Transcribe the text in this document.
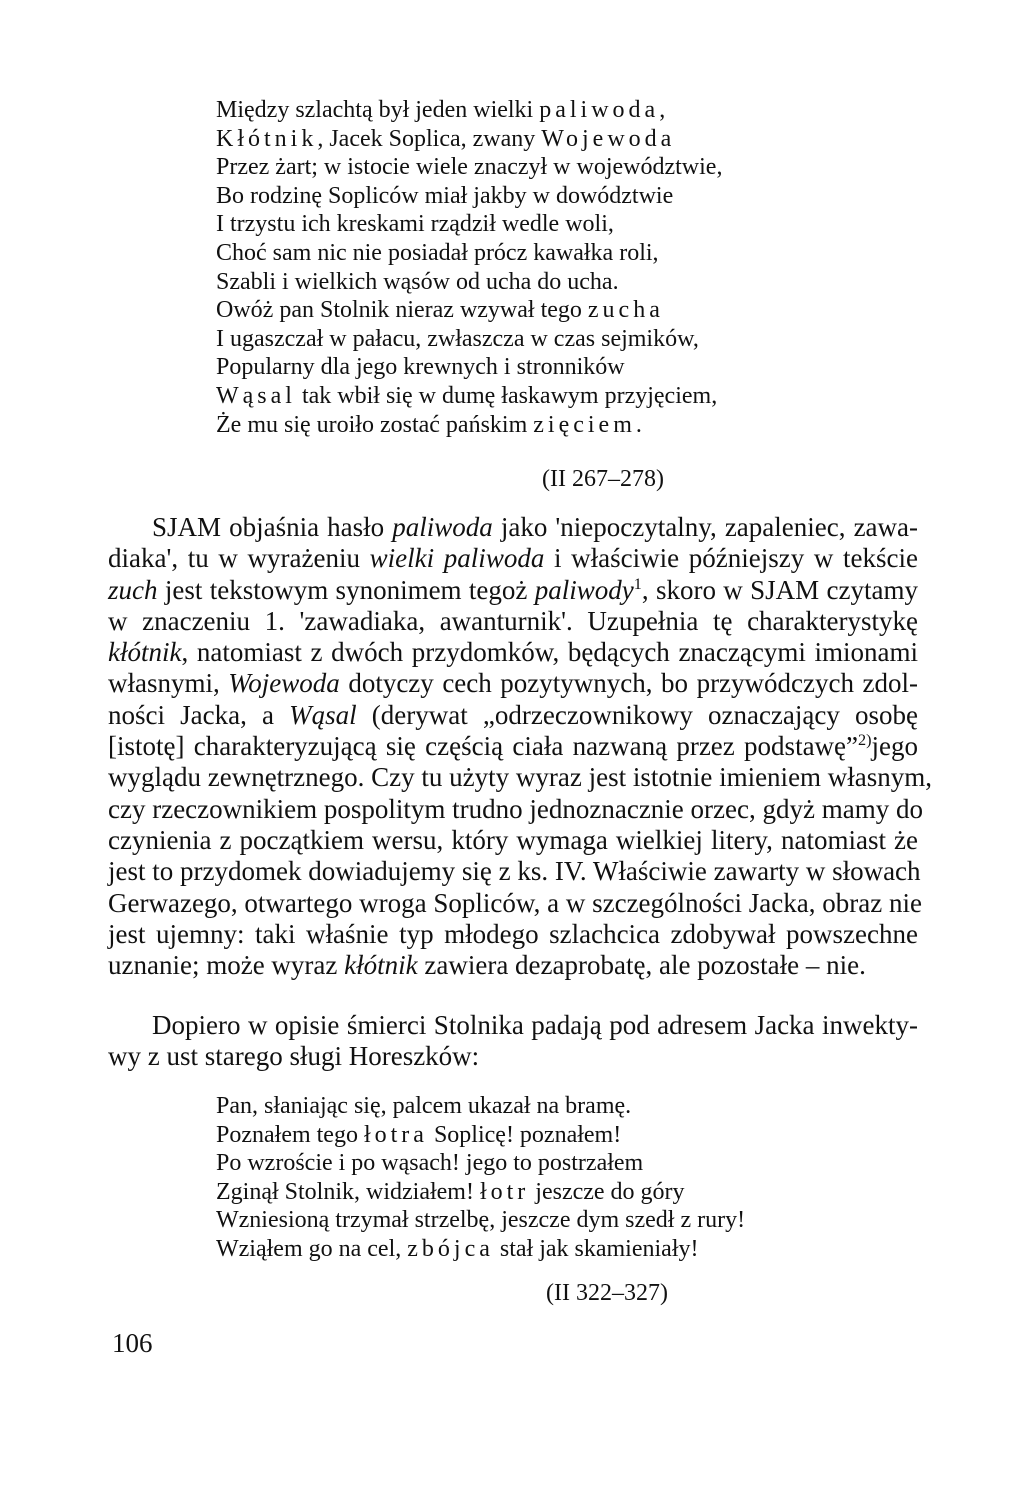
Między szlachtą był jeden wielki paliwoda,
Kłótnik, Jacek Soplica, zwany Wojewoda
Przez żart; w istocie wiele znaczył w województwie,
Bo rodzinę Sopliców miał jakby w dowództwie
I trzystu ich kreskami rządził wedle woli,
Choć sam nic nie posiadał prócz kawałka roli,
Szabli i wielkich wąsów od ucha do ucha.
Owóż pan Stolnik nieraz wzywał tego zucha
I ugaszczał w pałacu, zwłaszcza w czas sejmików,
Popularny dla jego krewnych i stronników
Wąsal tak wbił się w dumę łaskawym przyjęciem,
Że mu się uroiło zostać pańskim zięciem.
(II 267–278)
SJAM objaśnia hasło paliwoda jako 'niepoczytalny, zapaleniec, zawa-
diaka', tu w wyrażeniu wielki paliwoda i właściwie późniejszy w tekście
zuch jest tekstowym synonimem tegoż paliwody$^1$, skoro w SJAM czytamy
w znaczeniu 1. 'zawadiaka, awanturnik'. Uzupełnia tę charakterystykę
kłótnik, natomiast z dwóch przydomków, będących znaczącymi imionami
własnymi, Wojewoda dotyczy cech pozytywnych, bo przywódczych zdol-
ności Jacka, a Wąsal (derywat „odrzeczownikowy oznaczający osobę
[istotę] charakteryzującą się częścią ciała nazwaną przez podstawę”$^{2)}$jego
wyglądu zewnętrznego. Czy tu użyty wyraz jest istotnie imieniem własnym,
czy rzeczownikiem pospolitym trudno jednoznacznie orzec, gdyż mamy do
czynienia z początkiem wersu, który wymaga wielkiej litery, natomiast że
jest to przydomek dowiadujemy się z ks. IV. Właściwie zawarty w słowach
Gerwazego, otwartego wroga Sopliców, a w szczególności Jacka, obraz nie
jest ujemny: taki właśnie typ młodego szlachcica zdobywał powszechne
uznanie; może wyraz kłótnik zawiera dezaprobatę, ale pozostałe – nie.
Dopiero w opisie śmierci Stolnika padają pod adresem Jacka inwekty-
wy z ust starego sługi Horeszków:
Pan, słaniając się, palcem ukazał na bramę.
Poznałem tego łotra Soplicę! poznałem!
Po wzroście i po wąsach! jego to postrzałem
Zginął Stolnik, widziałem! łotr jeszcze do góry
Wzniesioną trzymał strzelbę, jeszcze dym szedł z rury!
Wziąłem go na cel, zbójca stał jak skamieniały!
(II 322–327)
106
